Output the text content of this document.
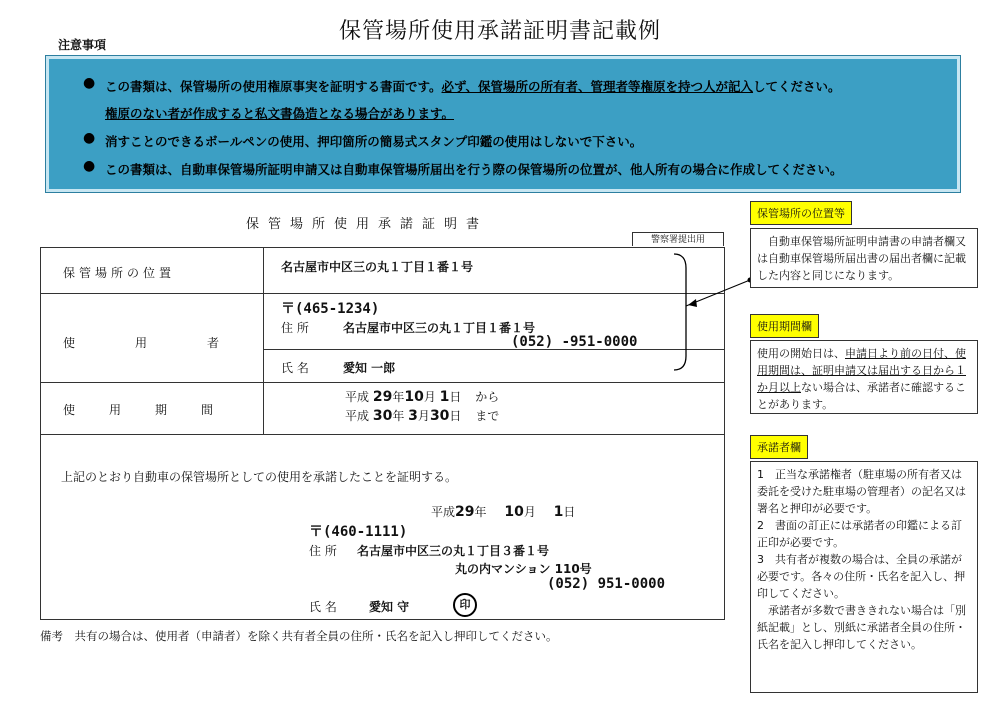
保管場所使用承諾証明書記載例
注意事項
● この書類は、保管場所の使用権原事実を証明する書面です。必ず、保管場所の所有者、管理者等権原を持つ人が記入してください。
権原のない者が作成すると私文書偽造となる場合があります。
● 消すことのできるボールペンの使用、押印箇所の簡易式スタンプ印鑑の使用はしないで下さい。
● この書類は、自動車保管場所証明申請又は自動車保管場所届出を行う際の保管場所の位置が、他人所有の場合に作成してください。
保管場所使用承諾証明書
警察署提出用
保管場所の位置	名古屋市中区三の丸１丁目１番１号
使用者
〒(465-1234)
住 所	名古屋市中区三の丸１丁目１番１号
(052) -951-0000
氏 名	愛知 一郎
使用期間
平成 29年10月 1日 から
平成 30年 3月30日 まで
上記のとおり自動車の保管場所としての使用を承諾したことを証明する。
平成29年 10月 1日
〒(460-1111)
住 所 名古屋市中区三の丸１丁目３番１号
丸の内マンション 110号
(052) 951-0000
氏 名	愛知 守	印
備考　共有の場合は、使用者（申請者）を除く共有者全員の住所・氏名を記入し押印してください。
保管場所の位置等
　自動車保管場所証明申請書の申請者欄又は自動車保管場所届出書の届出者欄に記載した内容と同じになります。
使用期間欄
使用の開始日は、申請日より前の日付、使用期間は、証明申請又は届出する日から１か月以上ない場合は、承諾者に確認することがあります。
承諾者欄
1　正当な承諾権者（駐車場の所有者又は委託を受けた駐車場の管理者）の記名又は署名と押印が必要です。
2　書面の訂正には承諾者の印鑑による訂正印が必要です。
3　共有者が複数の場合は、全員の承諾が必要です。各々の住所・氏名を記入し、押印してください。
　承諾者が多数で書ききれない場合は「別紙記載」とし、別紙に承諾者全員の住所・氏名を記入し押印してください。
